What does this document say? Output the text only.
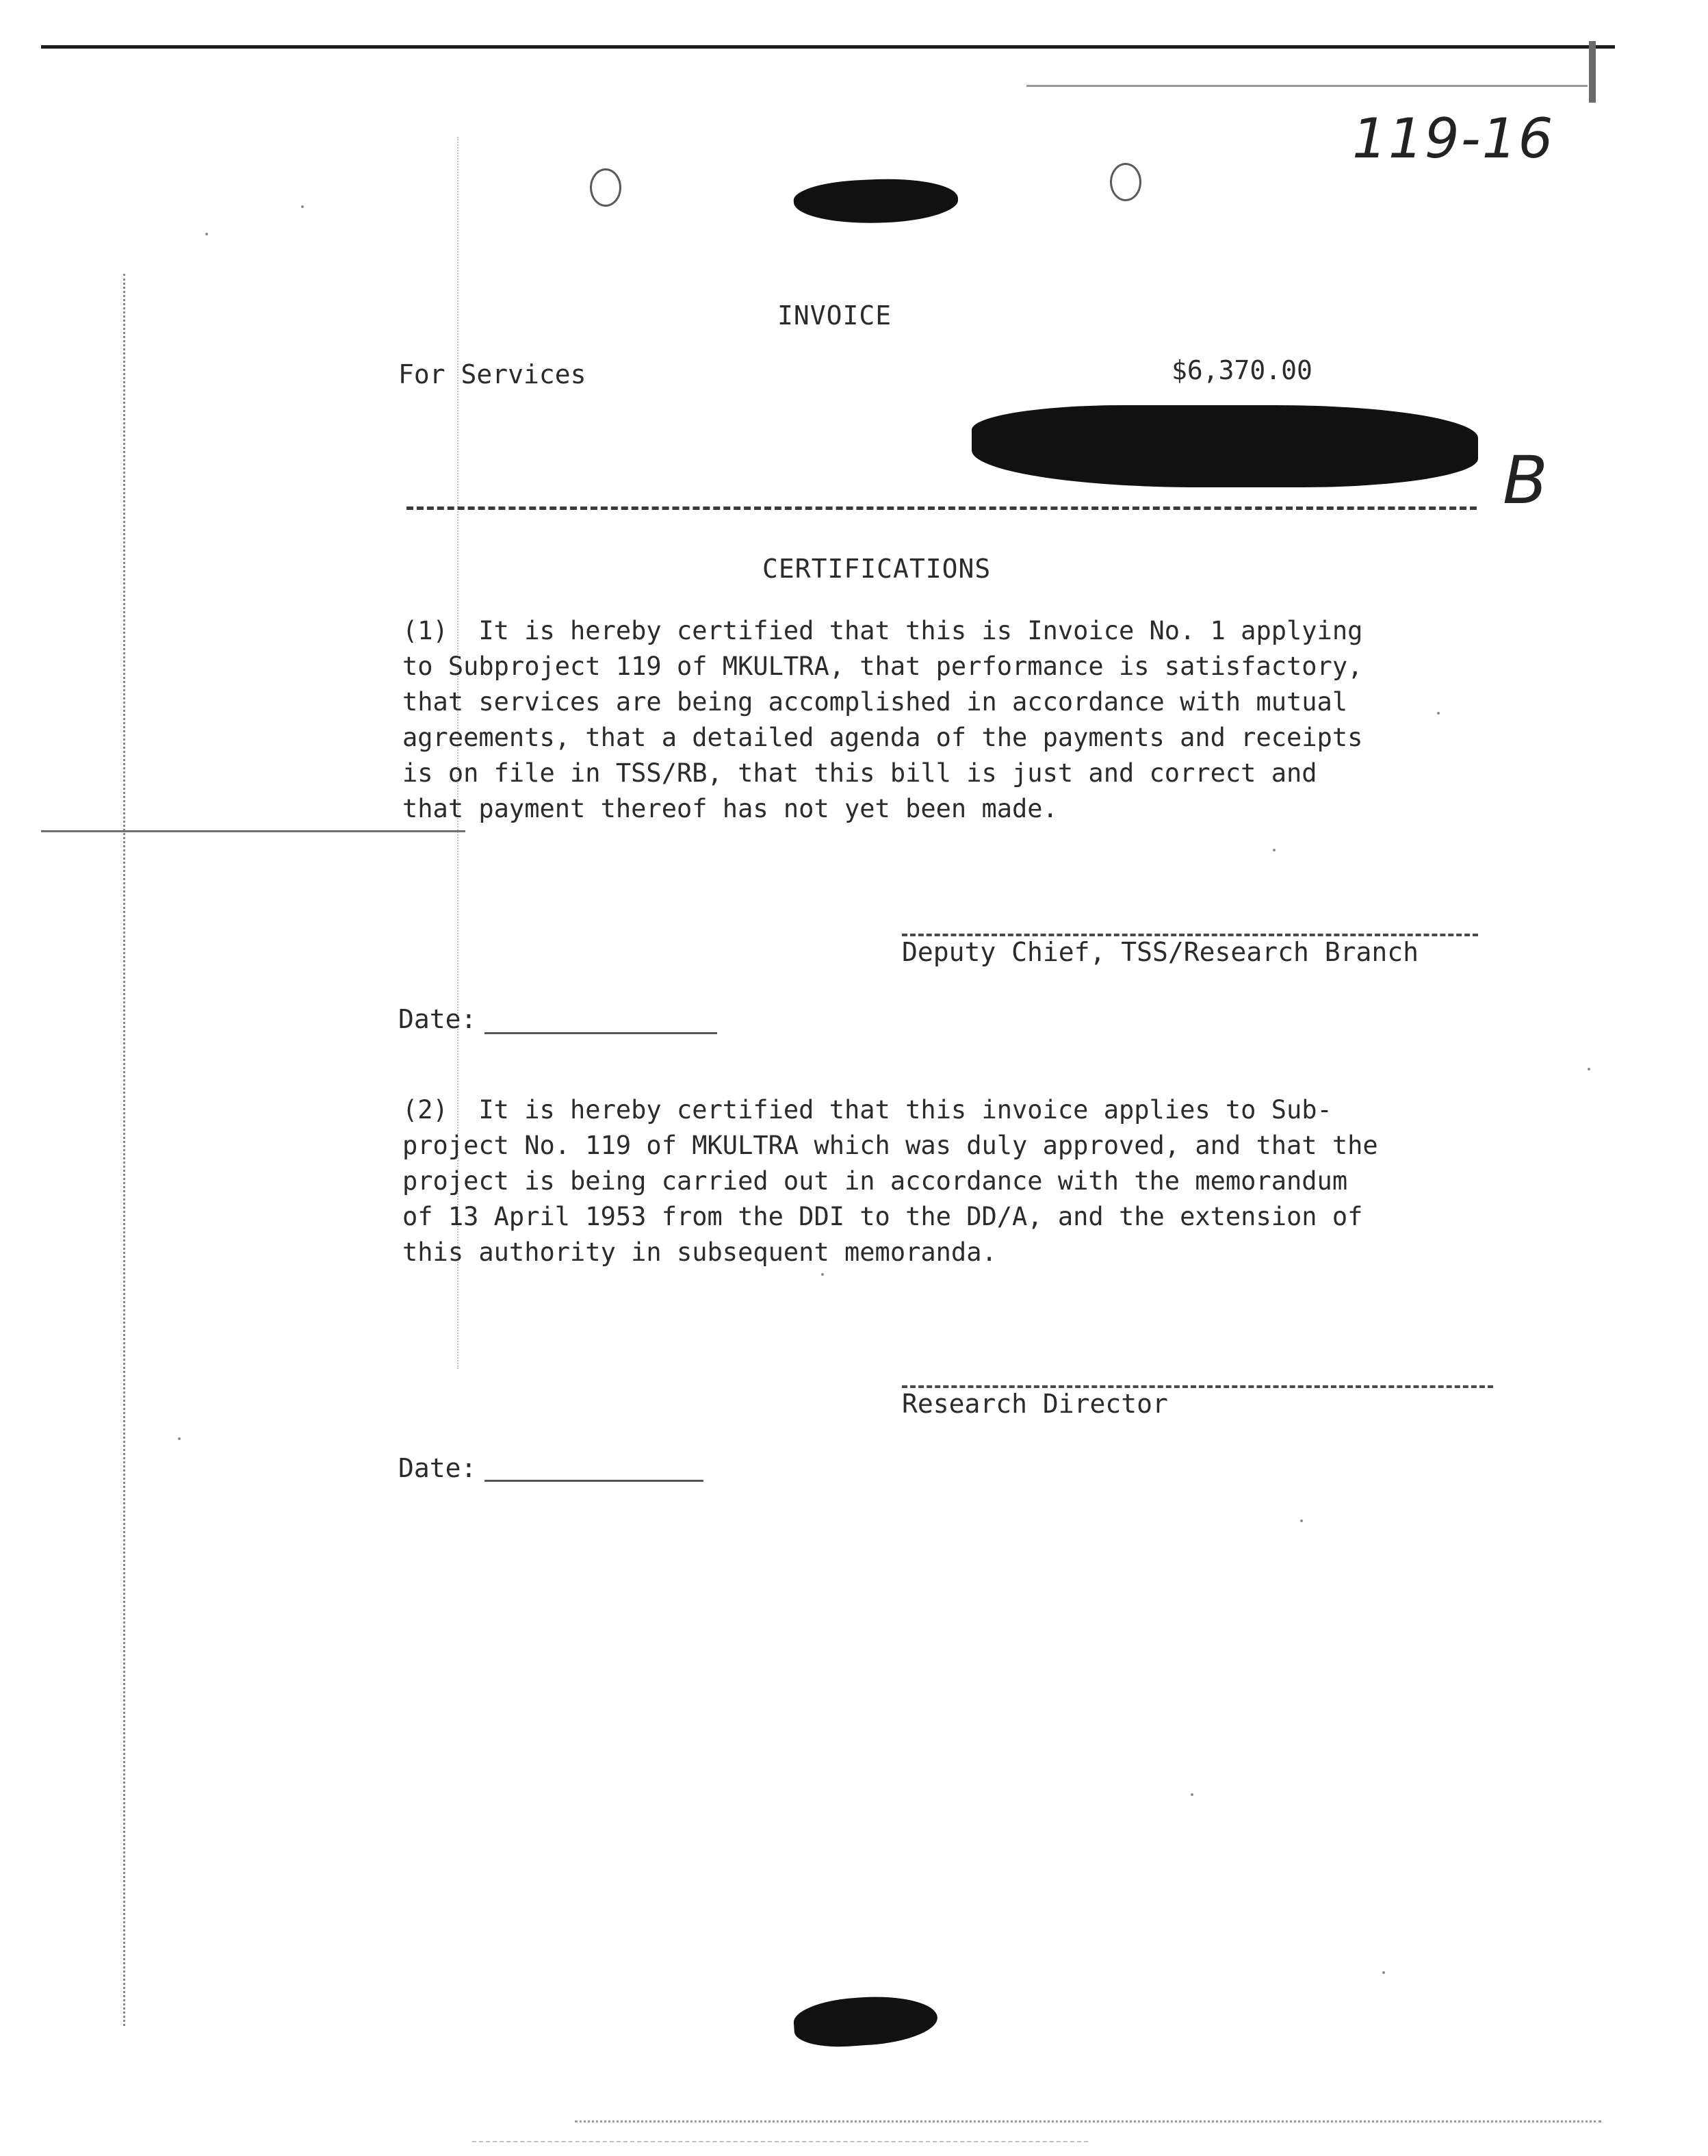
119-16
B
INVOICE
For Services	$6,370.00
CERTIFICATIONS
(1)  It is hereby certified that this is Invoice No. 1 applying
to Subproject 119 of MKULTRA, that performance is satisfactory,
that services are being accomplished in accordance with mutual
agreements, that a detailed agenda of the payments and receipts
is on file in TSS/RB, that this bill is just and correct and
that payment thereof has not yet been made.
Deputy Chief, TSS/Research Branch
Date:
(2)  It is hereby certified that this invoice applies to Sub-
project No. 119 of MKULTRA which was duly approved, and that the
project is being carried out in accordance with the memorandum
of 13 April 1953 from the DDI to the DD/A, and the extension of
this authority in subsequent memoranda.
Research Director
Date:
